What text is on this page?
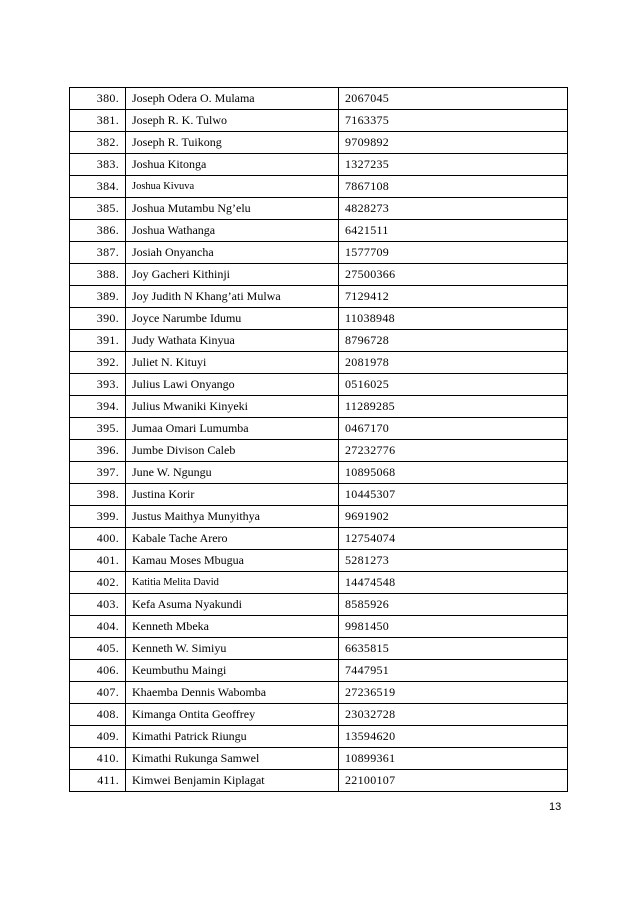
380.	Joseph Odera O. Mulama	2067045
381.	Joseph R. K. Tulwo	7163375
382.	Joseph R. Tuikong	9709892
383.	Joshua Kitonga	1327235
384.	Joshua Kivuva	7867108
385.	Joshua Mutambu Ng’elu	4828273
386.	Joshua Wathanga	6421511
387.	Josiah Onyancha	1577709
388.	Joy Gacheri Kithinji	27500366
389.	Joy Judith N Khang’ati Mulwa	7129412
390.	Joyce Narumbe Idumu	11038948
391.	Judy Wathata Kinyua	8796728
392.	Juliet N. Kituyi	2081978
393.	Julius Lawi Onyango	0516025
394.	Julius Mwaniki Kinyeki	11289285
395.	Jumaa Omari Lumumba	0467170
396.	Jumbe Divison Caleb	27232776
397.	June W. Ngungu	10895068
398.	Justina Korir	10445307
399.	Justus Maithya Munyithya	9691902
400.	Kabale Tache Arero	12754074
401.	Kamau Moses Mbugua	5281273
402.	Katitia Melita David	14474548
403.	Kefa Asuma Nyakundi	8585926
404.	Kenneth Mbeka	9981450
405.	Kenneth W. Simiyu	6635815
406.	Keumbuthu Maingi	7447951
407.	Khaemba Dennis Wabomba	27236519
408.	Kimanga Ontita Geoffrey	23032728
409.	Kimathi Patrick Riungu	13594620
410.	Kimathi Rukunga Samwel	10899361
411.	Kimwei Benjamin Kiplagat	22100107
13
